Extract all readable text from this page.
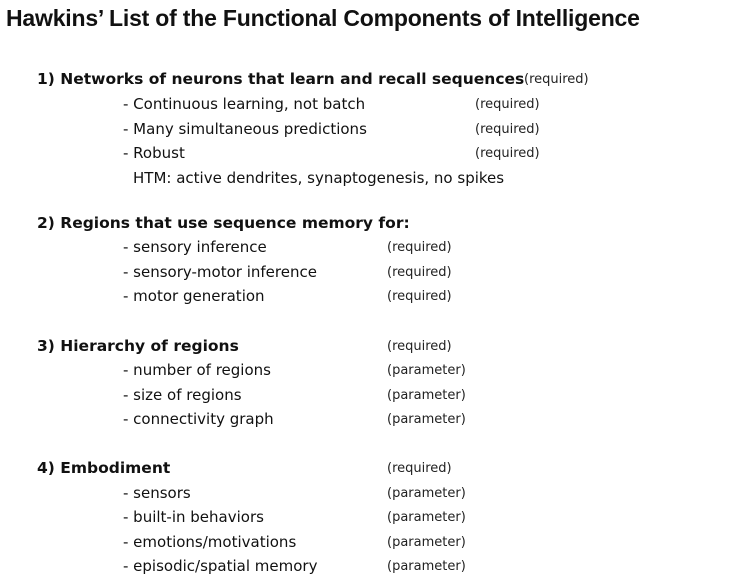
Hawkins’ List of the Functional Components of Intelligence
1) Networks of neurons that learn and recall sequences (required)
- Continuous learning, not batch	(required)
- Many simultaneous predictions	(required)
- Robust	(required)
HTM: active dendrites, synaptogenesis, no spikes
2) Regions that use sequence memory for:
- sensory inference	(required)
- sensory-motor inference	(required)
- motor generation	(required)
3) Hierarchy of regions	(required)
- number of regions	(parameter)
- size of regions	(parameter)
- connectivity graph	(parameter)
4) Embodiment	(required)
- sensors	(parameter)
- built-in behaviors	(parameter)
- emotions/motivations	(parameter)
- episodic/spatial memory	(parameter)
